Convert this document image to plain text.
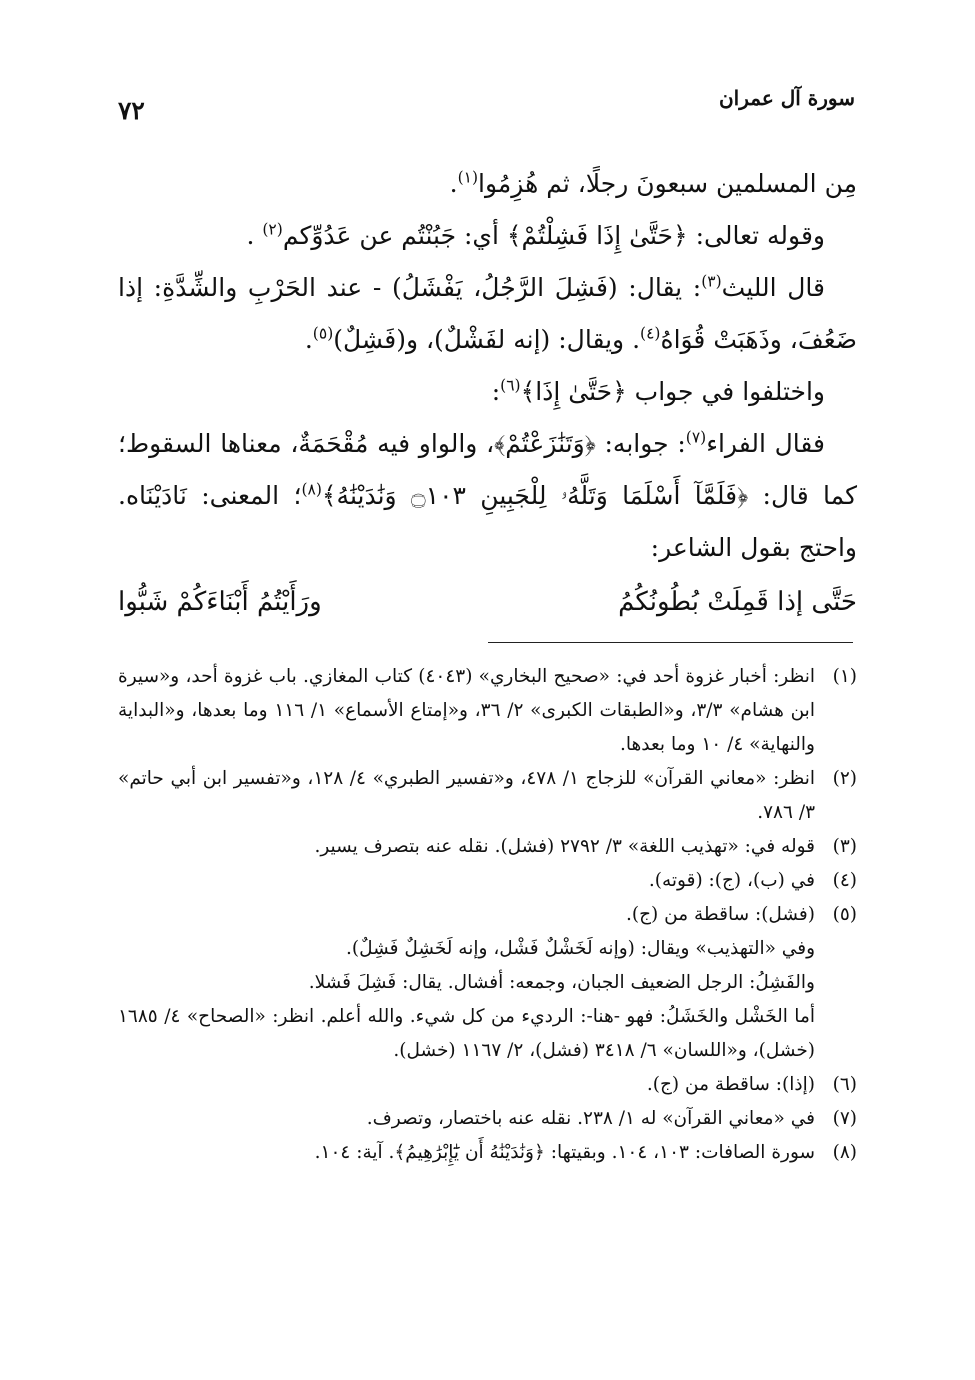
٧٢	سورة آل عمران

مِن المسلمين سبعونَ رجلًا، ثم هُزِمُوا$^{(١)}$.

وقوله تعالى: ﴿حَتَّىٰ إِذَا فَشِلْتُمْ﴾ أي: جَبُنْتُم عن عَدُوِّكم$^{(٢)}$ .

قال الليث$^{(٣)}$: يقال: (فَشِلَ الرَّجُلُ، يَفْشَلُ) - عند الحَرْبِ والشِّدَّةِ: إذا ضَعُفَ، وذَهَبَتْ قُوَاهُ$^{(٤)}$. ويقال: (إنه لفَشْلٌ)، و(فَشِلٌ)$^{(٥)}$.

واختلفوا في جواب ﴿حَتَّىٰ إِذَا﴾$^{(٦)}$:

فقال الفراء$^{(٧)}$: جوابه: ﴿وَتَنَٰزَعْتُمْ﴾، والواو فيه مُقْحَمَةٌ، معناها السقوط؛ كما قال: ﴿فَلَمَّآ أَسْلَمَا وَتَلَّهُۥ لِلْجَبِينِ ۝١٠٣ وَنَٰدَيْنَٰهُ﴾$^{(٨)}$؛ المعنى: نَادَيْنَاه. واحتج بقول الشاعر:

حَتَّى إذا قَمِلَتْ بُطُونُكُمُ
ورَأَيْتُمُ أَبْنَاءَكُمْ شَبُّوا
(١)
انظر: أخبار غزوة أحد في: «صحيح البخاري» (٤٠٤٣) كتاب المغازي. باب غزوة أحد، و«سيرة ابن هشام» ٣/٣، و«الطبقات الكبرى» ٢/ ٣٦، و«إمتاع الأسماع» ١/ ١١٦ وما بعدها، و«البداية والنهاية» ٤/ ١٠ وما بعدها.
(٢)
انظر: «معاني القرآن» للزجاج ١/ ٤٧٨، و«تفسير الطبري» ٤/ ١٢٨، و«تفسير ابن أبي حاتم» ٣/ ٧٨٦.
(٣)
قوله في: «تهذيب اللغة» ٣/ ٢٧٩٢ (فشل). نقله عنه بتصرف يسير.
(٤)
في (ب)، (ج): (قوته).
(٥)
(فشل): ساقطة من (ج).
وفي «التهذيب» ويقال: (وإنه لَخَشْلٌ فَشْل، وإنه لَخَشِلٌ فَشِلٌ).
والفَشِلُ: الرجل الضعيف الجبان، وجمعه: أفشال. يقال: فَشِلَ فَشلا.
أما الخَشْل والخَشَلُ: فهو -هنا-: الرديء من كل شيء. والله أعلم. انظر: «الصحاح» ٤/ ١٦٨٥ (خشل)، و«اللسان» ٦/ ٣٤١٨ (فشل)، ٢/ ١١٦٧ (خشل).
(٦)
(إذا): ساقطة من (ج).
(٧)
في «معاني القرآن» له ١/ ٢٣٨. نقله عنه باختصار، وتصرف.
(٨)
سورة الصافات: ١٠٣، ١٠٤. وبقيتها: ﴿وَنَٰدَيْنَٰهُ أَن يَٰٓإِبْرَٰهِيمُ﴾. آية: ١٠٤.
